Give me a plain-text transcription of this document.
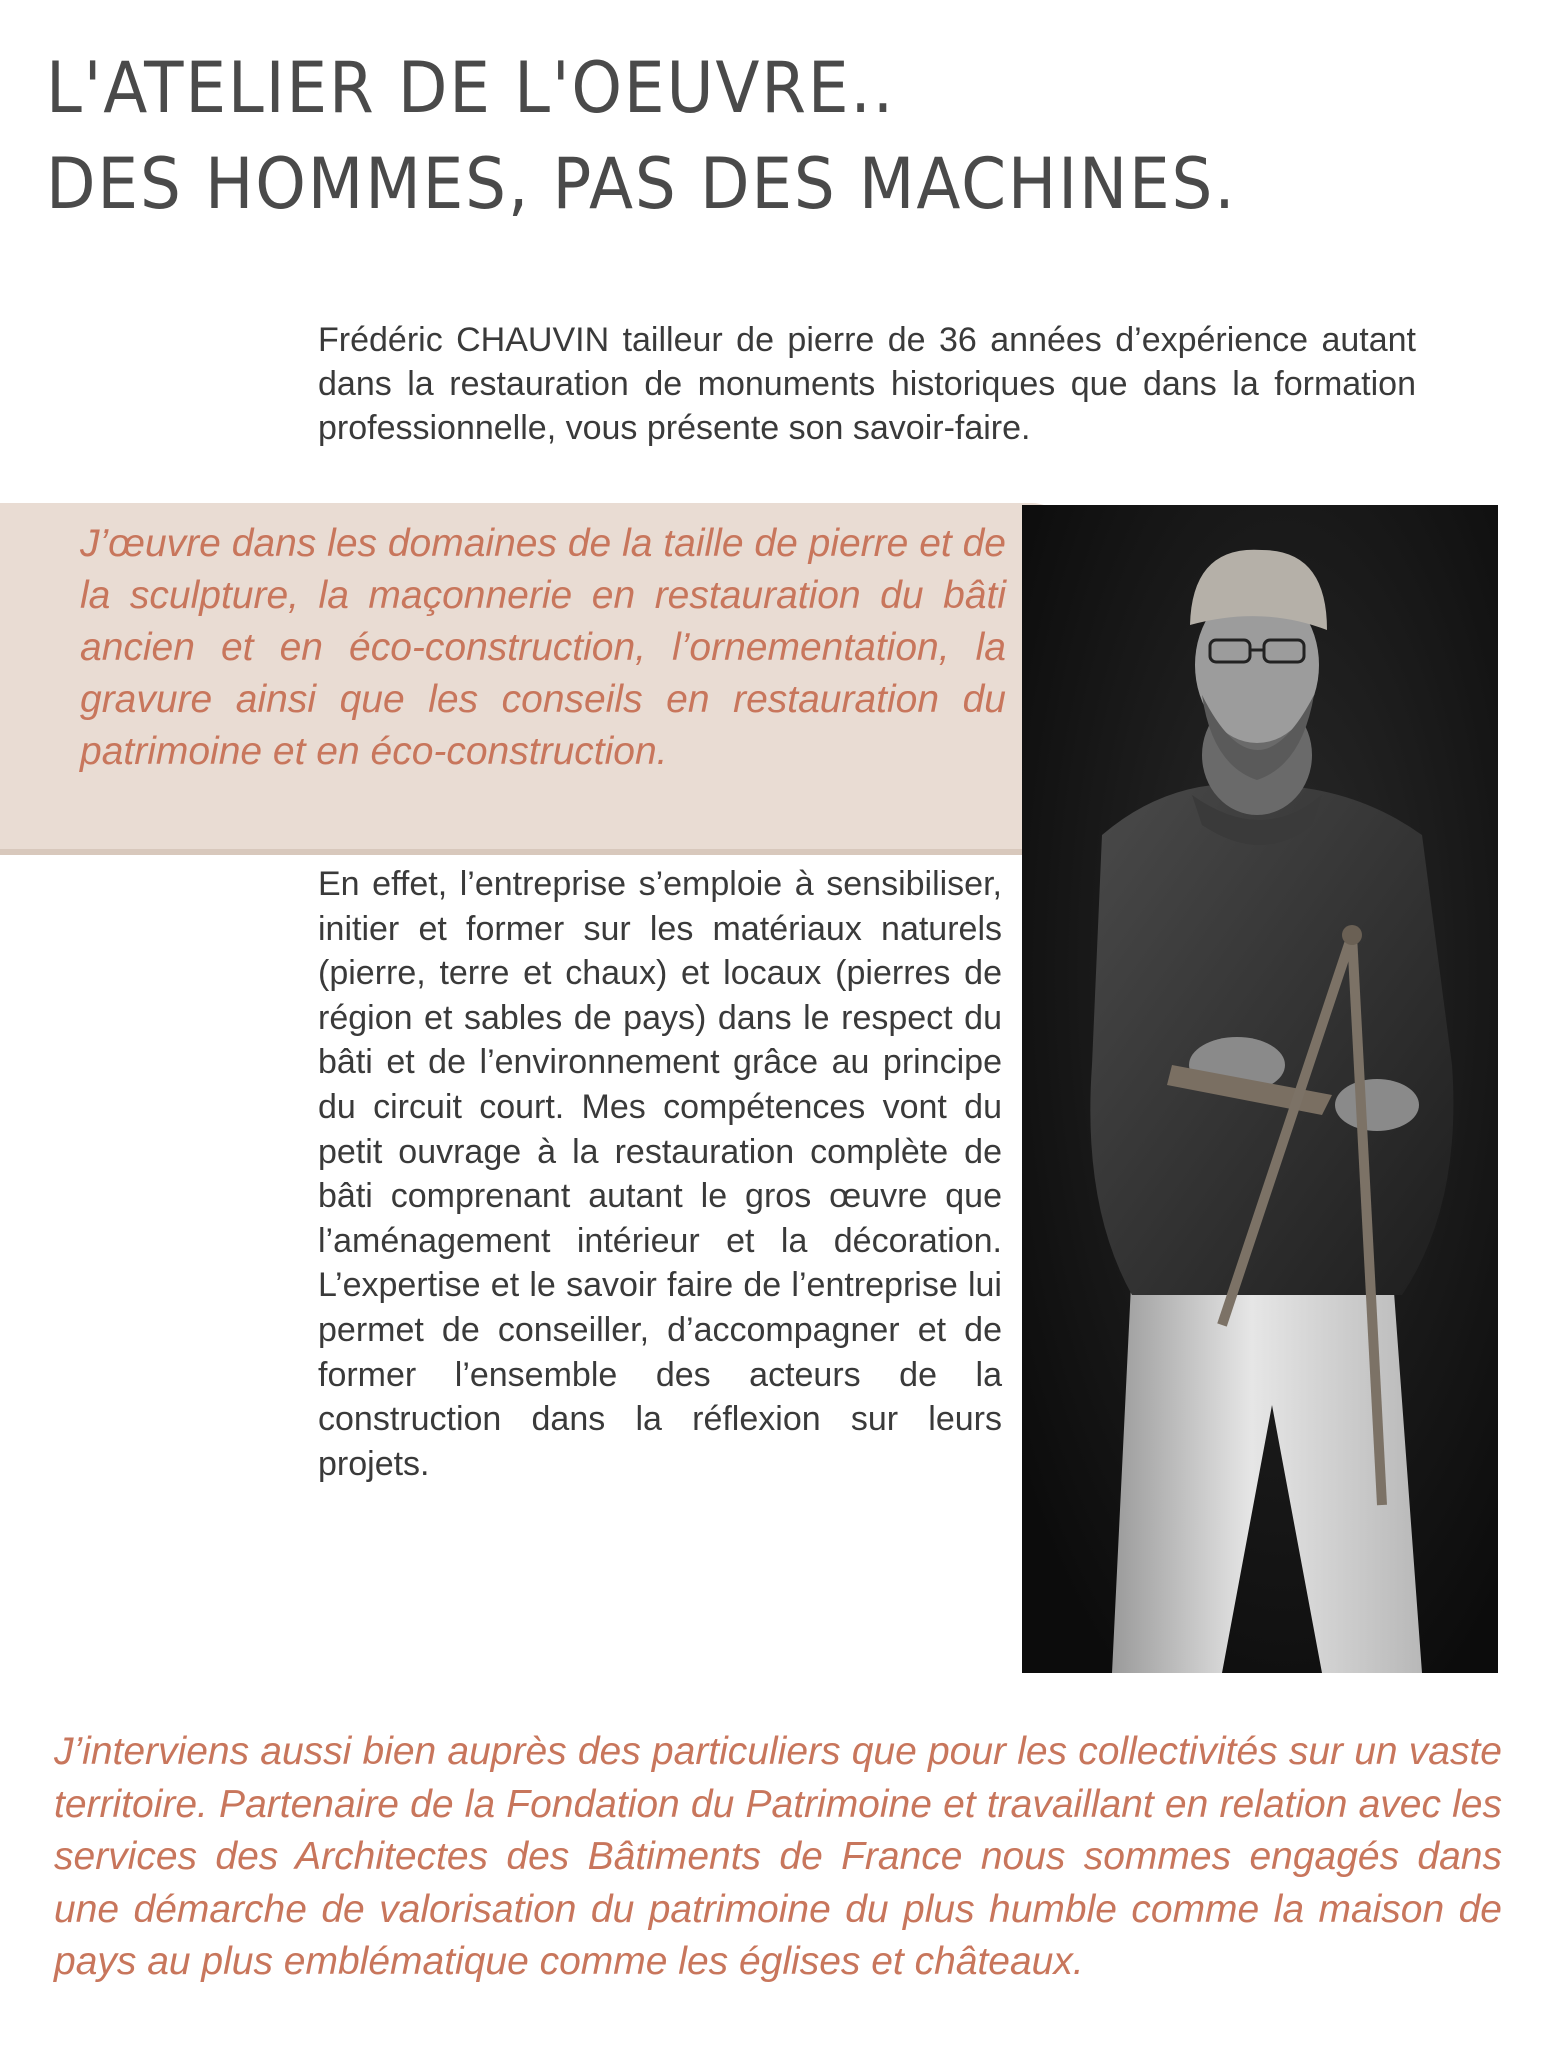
L'ATELIER DE L'OEUVRE..
DES HOMMES, PAS DES MACHINES.

Frédéric CHAUVIN tailleur de pierre de 36 années d’expérience autant dans la restauration de monuments historiques que dans la formation professionnelle, vous présente son savoir-faire.

J’œuvre dans les domaines de la taille de pierre et de la sculpture, la maçonnerie en restauration du bâti ancien et en éco-construction, l’ornementation, la gravure ainsi que les conseils en restauration du patrimoine et en éco-construction.

En effet, l’entreprise s’emploie à sensibiliser, initier et former sur les matériaux naturels (pierre, terre et chaux) et locaux (pierres de région et sables de pays) dans le respect du bâti et de l’environnement grâce au principe du circuit court. Mes compétences vont du petit ouvrage à la restauration complète de bâti comprenant autant le gros œuvre que l’aménagement intérieur et la décoration. L’expertise et le savoir faire de l’entreprise lui permet de conseiller, d’accompagner et de former l’ensemble des acteurs de la construction dans la réflexion sur leurs projets.

J’interviens aussi bien auprès des particuliers que pour les collectivités sur un vaste territoire. Partenaire de la Fondation du Patrimoine et travaillant en relation avec les services des Architectes des Bâtiments de France nous sommes engagés dans une démarche de valorisation du patrimoine du plus humble comme la maison de pays au plus emblématique comme les églises et châteaux.
